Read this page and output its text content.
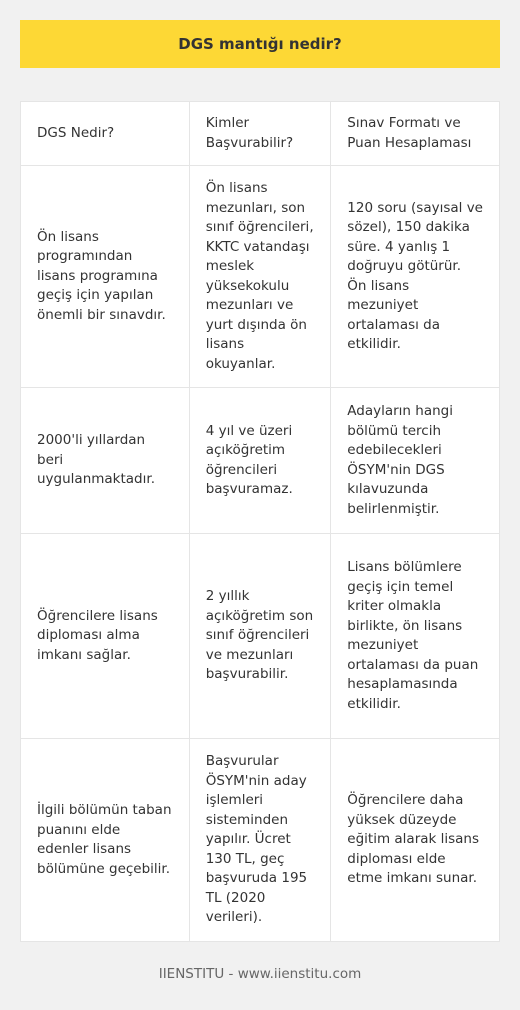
DGS mantığı nedir?
DGS Nedir?	Kimler Başvurabilir?	Sınav Formatı ve Puan Hesaplaması
Ön lisans programından lisans programına geçiş için yapılan önemli bir sınavdır.	Ön lisans mezunları, son sınıf öğrencileri, KKTC vatandaşı meslek yüksekokulu mezunları ve yurt dışında ön lisans okuyanlar.	120 soru (sayısal ve sözel), 150 dakika süre. 4 yanlış 1 doğruyu götürür. Ön lisans mezuniyet ortalaması da etkilidir.
2000'li yıllardan beri uygulanmaktadır.	4 yıl ve üzeri açıköğretim öğrencileri başvuramaz.	Adayların hangi bölümü tercih edebilecekleri ÖSYM'nin DGS kılavuzunda belirlenmiştir.
Öğrencilere lisans diploması alma imkanı sağlar.	2 yıllık açıköğretim son sınıf öğrencileri ve mezunları başvurabilir.	Lisans bölümlere geçiş için temel kriter olmakla birlikte, ön lisans mezuniyet ortalaması da puan hesaplamasında etkilidir.
İlgili bölümün taban puanını elde edenler lisans bölümüne geçebilir.	Başvurular ÖSYM'nin aday işlemleri sisteminden yapılır. Ücret 130 TL, geç başvuruda 195 TL (2020 verileri).	Öğrencilere daha yüksek düzeyde eğitim alarak lisans diploması elde etme imkanı sunar.
IIENSTITU - www.iienstitu.com
